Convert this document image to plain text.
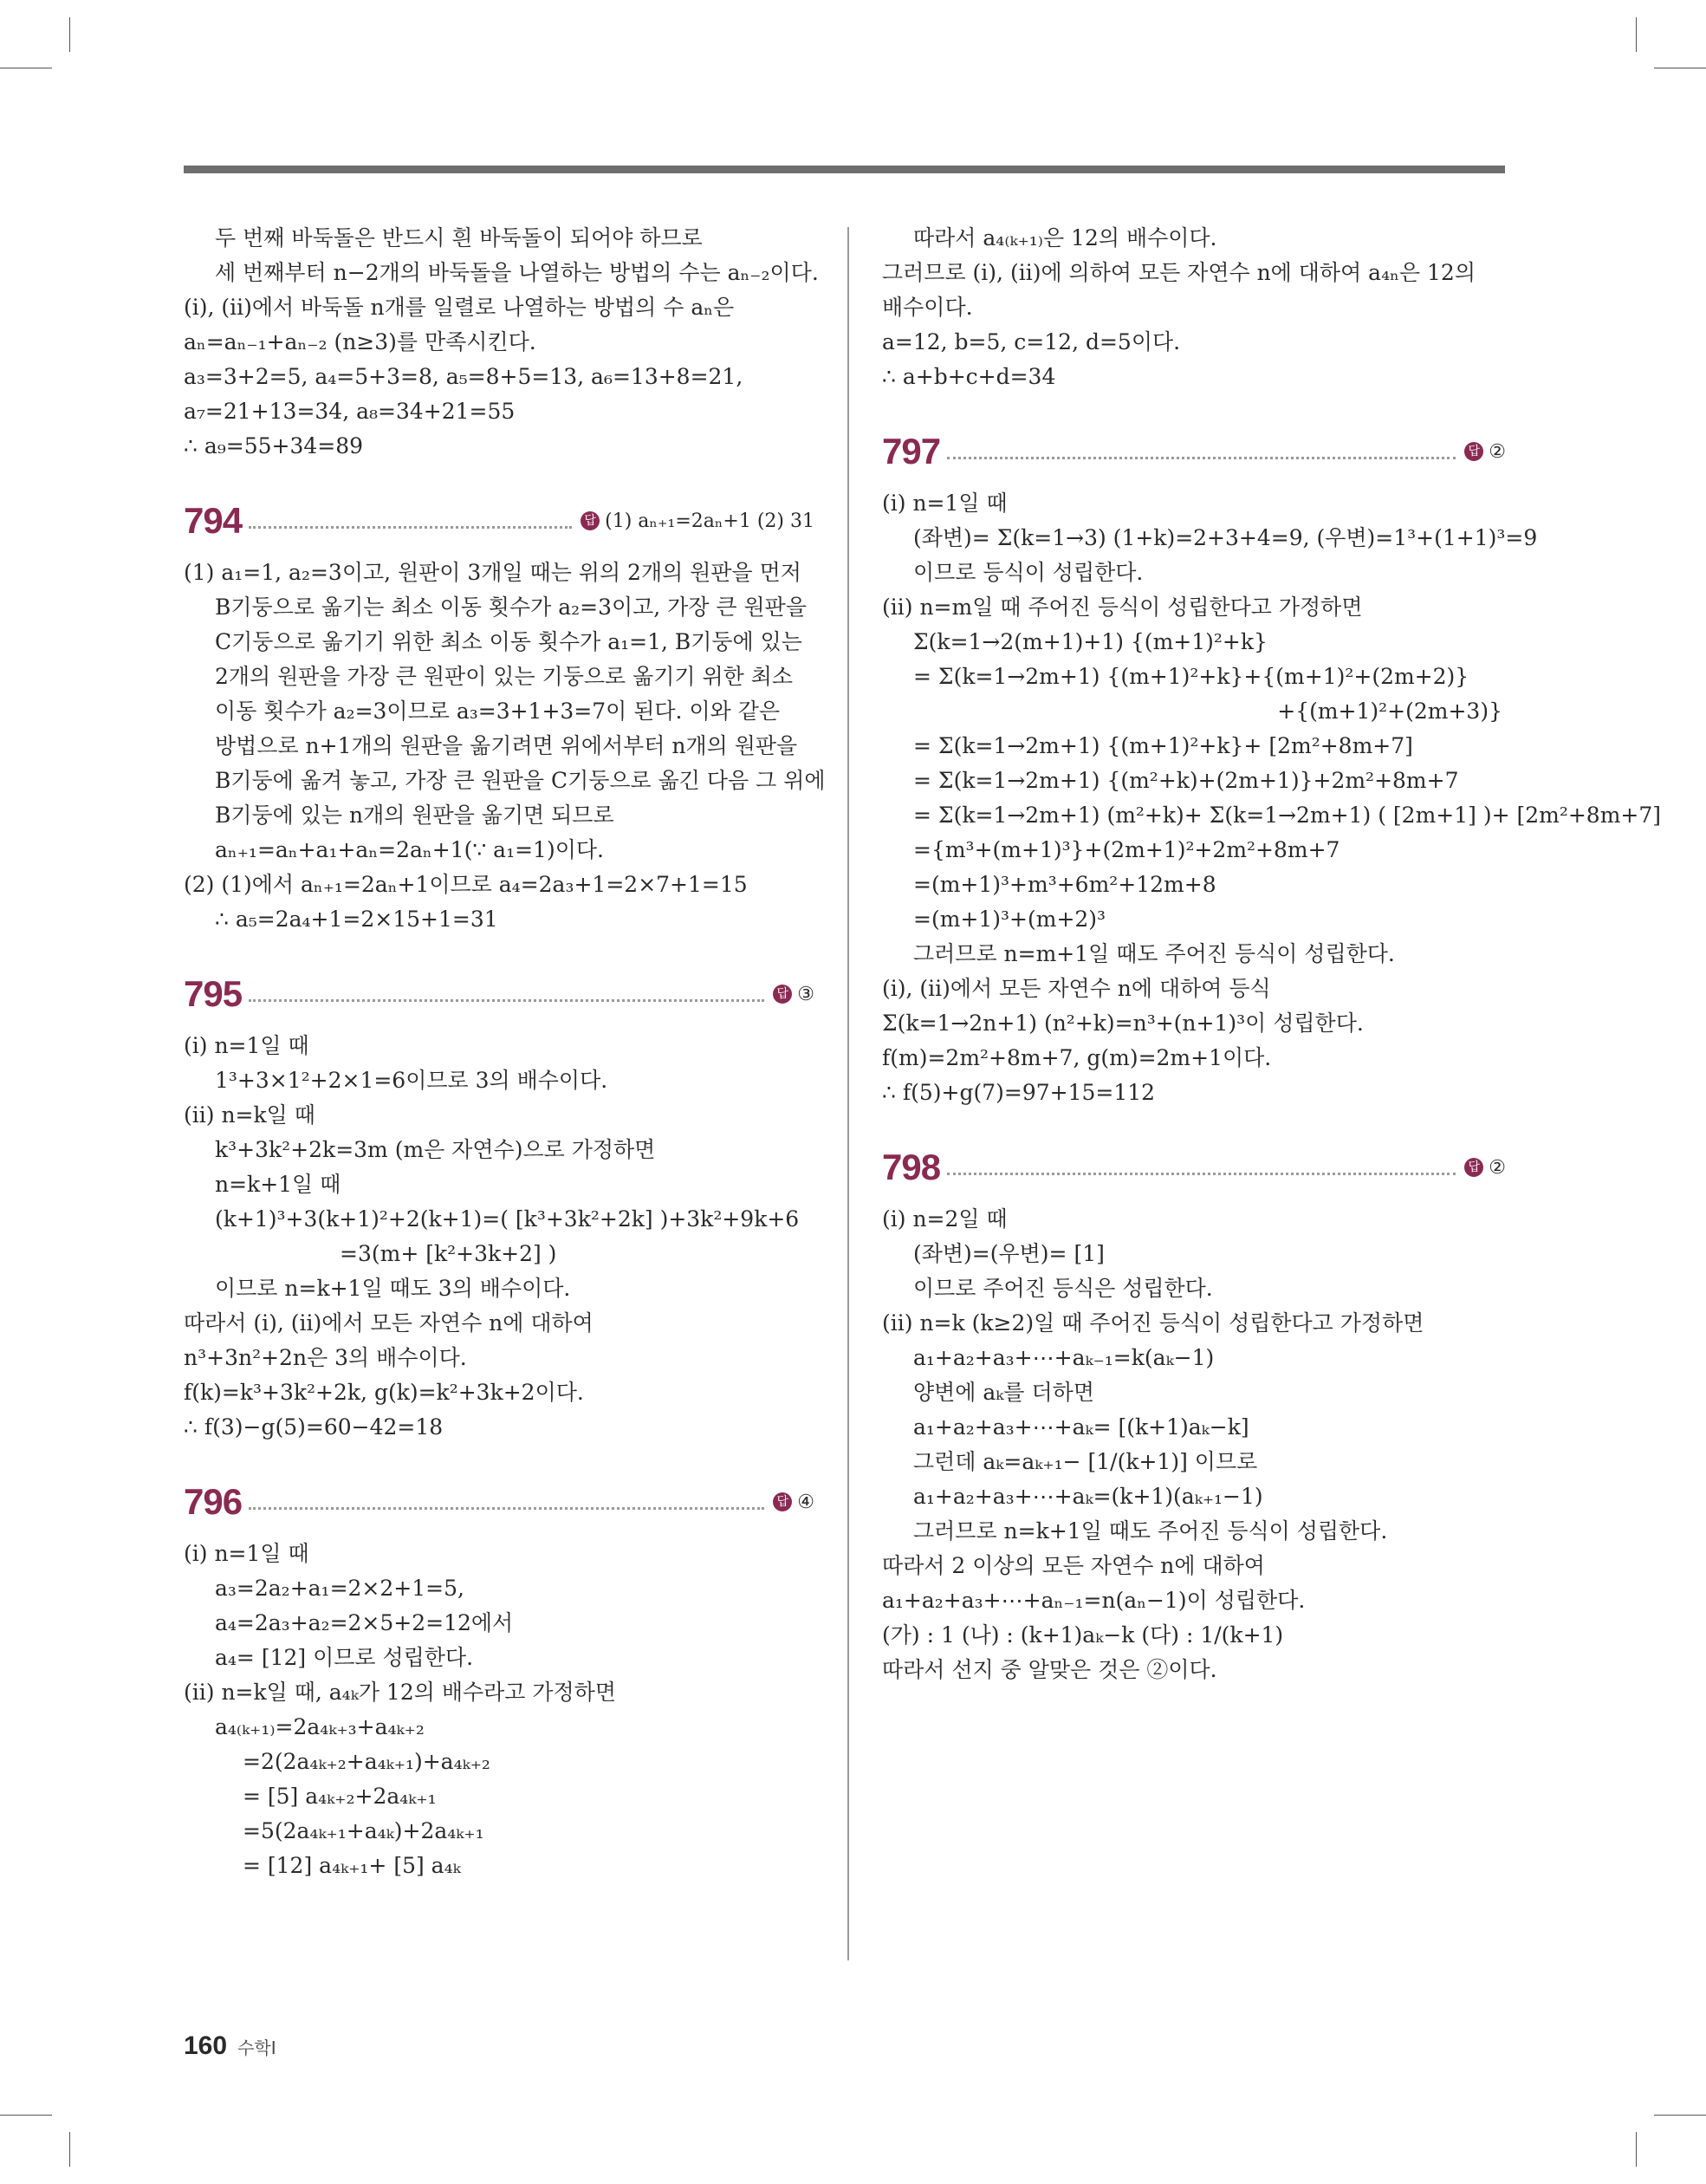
두 번째 바둑돌은 반드시 흰 바둑돌이 되어야 하므로
세 번째부터 n−2개의 바둑돌을 나열하는 방법의 수는 aₙ₋₂이다.
(ⅰ), (ⅱ)에서 바둑돌 n개를 일렬로 나열하는 방법의 수 aₙ은
aₙ=aₙ₋₁+aₙ₋₂ (n≥3)를 만족시킨다.
a₃=3+2=5, a₄=5+3=8, a₅=8+5=13, a₆=13+8=21,
a₇=21+13=34, a₈=34+21=55
∴ a₉=55+34=89
794	답 (1) aₙ₊₁=2aₙ+1 (2) 31
(1) a₁=1, a₂=3이고, 원판이 3개일 때는 위의 2개의 원판을 먼저
B기둥으로 옮기는 최소 이동 횟수가 a₂=3이고, 가장 큰 원판을
C기둥으로 옮기기 위한 최소 이동 횟수가 a₁=1, B기둥에 있는
2개의 원판을 가장 큰 원판이 있는 기둥으로 옮기기 위한 최소
이동 횟수가 a₂=3이므로 a₃=3+1+3=7이 된다. 이와 같은
방법으로 n+1개의 원판을 옮기려면 위에서부터 n개의 원판을
B기둥에 옮겨 놓고, 가장 큰 원판을 C기둥으로 옮긴 다음 그 위에
B기둥에 있는 n개의 원판을 옮기면 되므로
aₙ₊₁=aₙ+a₁+aₙ=2aₙ+1(∵ a₁=1)이다.
(2) (1)에서 aₙ₊₁=2aₙ+1이므로 a₄=2a₃+1=2×7+1=15
∴ a₅=2a₄+1=2×15+1=31
795	답 ③
(ⅰ) n=1일 때
1³+3×1²+2×1=6이므로 3의 배수이다.
(ⅱ) n=k일 때
k³+3k²+2k=3m (m은 자연수)으로 가정하면
n=k+1일 때
(k+1)³+3(k+1)²+2(k+1)=( [k³+3k²+2k] )+3k²+9k+6
=3(m+ [k²+3k+2] )
이므로 n=k+1일 때도 3의 배수이다.
따라서 (ⅰ), (ⅱ)에서 모든 자연수 n에 대하여
n³+3n²+2n은 3의 배수이다.
f(k)=k³+3k²+2k, g(k)=k²+3k+2이다.
∴ f(3)−g(5)=60−42=18
796	답 ④
(ⅰ) n=1일 때
a₃=2a₂+a₁=2×2+1=5,
a₄=2a₃+a₂=2×5+2=12에서
a₄= [12] 이므로 성립한다.
(ⅱ) n=k일 때, a₄ₖ가 12의 배수라고 가정하면
a₄₍ₖ₊₁₎=2a₄ₖ₊₃+a₄ₖ₊₂
=2(2a₄ₖ₊₂+a₄ₖ₊₁)+a₄ₖ₊₂
= [5] a₄ₖ₊₂+2a₄ₖ₊₁
=5(2a₄ₖ₊₁+a₄ₖ)+2a₄ₖ₊₁
= [12] a₄ₖ₊₁+ [5] a₄ₖ
따라서 a₄₍ₖ₊₁₎은 12의 배수이다.
그러므로 (ⅰ), (ⅱ)에 의하여 모든 자연수 n에 대하여 a₄ₙ은 12의
배수이다.
a=12, b=5, c=12, d=5이다.
∴ a+b+c+d=34
797	답 ②
(ⅰ) n=1일 때
(좌변)= Σ(k=1→3) (1+k)=2+3+4=9, (우변)=1³+(1+1)³=9
이므로 등식이 성립한다.
(ⅱ) n=m일 때 주어진 등식이 성립한다고 가정하면
Σ(k=1→2(m+1)+1) {(m+1)²+k}
= Σ(k=1→2m+1) {(m+1)²+k}+{(m+1)²+(2m+2)}
+{(m+1)²+(2m+3)}
= Σ(k=1→2m+1) {(m+1)²+k}+ [2m²+8m+7]
= Σ(k=1→2m+1) {(m²+k)+(2m+1)}+2m²+8m+7
= Σ(k=1→2m+1) (m²+k)+ Σ(k=1→2m+1) ( [2m+1] )+ [2m²+8m+7]
={m³+(m+1)³}+(2m+1)²+2m²+8m+7
=(m+1)³+m³+6m²+12m+8
=(m+1)³+(m+2)³
그러므로 n=m+1일 때도 주어진 등식이 성립한다.
(ⅰ), (ⅱ)에서 모든 자연수 n에 대하여 등식
Σ(k=1→2n+1) (n²+k)=n³+(n+1)³이 성립한다.
f(m)=2m²+8m+7, g(m)=2m+1이다.
∴ f(5)+g(7)=97+15=112
798	답 ②
(ⅰ) n=2일 때
(좌변)=(우변)= [1]
이므로 주어진 등식은 성립한다.
(ⅱ) n=k (k≥2)일 때 주어진 등식이 성립한다고 가정하면
a₁+a₂+a₃+⋯+aₖ₋₁=k(aₖ−1)
양변에 aₖ를 더하면
a₁+a₂+a₃+⋯+aₖ= [(k+1)aₖ−k]
그런데 aₖ=aₖ₊₁− [1/(k+1)] 이므로
a₁+a₂+a₃+⋯+aₖ=(k+1)(aₖ₊₁−1)
그러므로 n=k+1일 때도 주어진 등식이 성립한다.
따라서 2 이상의 모든 자연수 n에 대하여
a₁+a₂+a₃+⋯+aₙ₋₁=n(aₙ−1)이 성립한다.
(가) : 1 (나) : (k+1)aₖ−k (다) : 1/(k+1)
따라서 선지 중 알맞은 것은 ②이다.
160 수학Ⅰ
